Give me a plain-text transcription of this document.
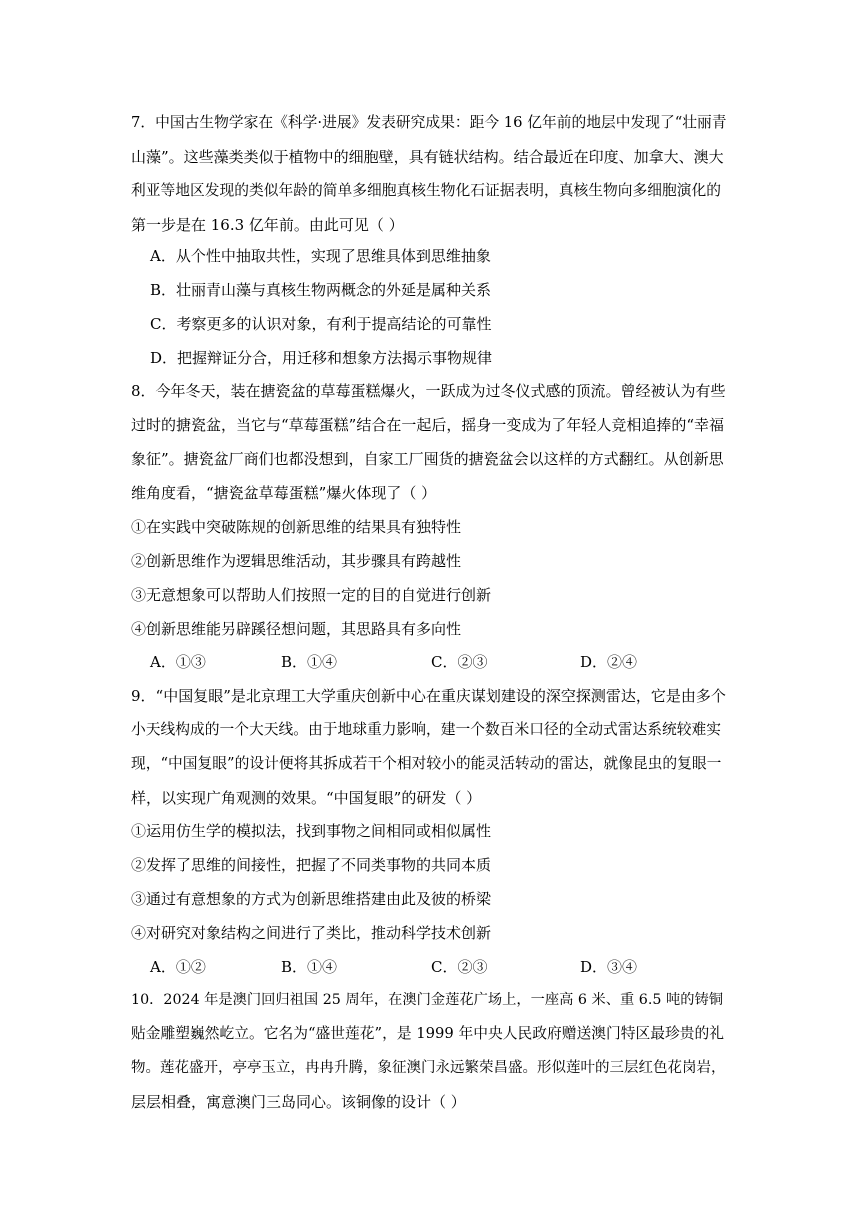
7．中国古生物学家在《科学·进展》发表研究成果：距今 16 亿年前的地层中发现了“壮丽青
山藻”。这些藻类类似于植物中的细胞壁，具有链状结构。结合最近在印度、加拿大、澳大
利亚等地区发现的类似年龄的简单多细胞真核生物化石证据表明，真核生物向多细胞演化的
第一步是在 16.3 亿年前。由此可见（ ）
A．从个性中抽取共性，实现了思维具体到思维抽象
B．壮丽青山藻与真核生物两概念的外延是属种关系
C．考察更多的认识对象，有利于提高结论的可靠性
D．把握辩证分合，用迁移和想象方法揭示事物规律
8．今年冬天，装在搪瓷盆的草莓蛋糕爆火，一跃成为过冬仪式感的顶流。曾经被认为有些
过时的搪瓷盆，当它与“草莓蛋糕”结合在一起后，摇身一变成为了年轻人竞相追捧的“幸福
象征”。搪瓷盆厂商们也都没想到，自家工厂囤货的搪瓷盆会以这样的方式翻红。从创新思
维角度看，“搪瓷盆草莓蛋糕”爆火体现了（ ）
①在实践中突破陈规的创新思维的结果具有独特性
②创新思维作为逻辑思维活动，其步骤具有跨越性
③无意想象可以帮助人们按照一定的目的自觉进行创新
④创新思维能另辟蹊径想问题，其思路具有多向性
A．①③	B．①④	C．②③	D．②④
9．“中国复眼”是北京理工大学重庆创新中心在重庆谋划建设的深空探测雷达，它是由多个
小天线构成的一个大天线。由于地球重力影响，建一个数百米口径的全动式雷达系统较难实
现，“中国复眼”的设计便将其拆成若干个相对较小的能灵活转动的雷达，就像昆虫的复眼一
样，以实现广角观测的效果。“中国复眼”的研发（ ）
①运用仿生学的模拟法，找到事物之间相同或相似属性
②发挥了思维的间接性，把握了不同类事物的共同本质
③通过有意想象的方式为创新思维搭建由此及彼的桥梁
④对研究对象结构之间进行了类比，推动科学技术创新
A．①②	B．①④	C．②③	D．③④
10．2024 年是澳门回归祖国 25 周年，在澳门金莲花广场上，一座高 6 米、重 6.5 吨的铸铜
贴金雕塑巍然屹立。它名为“盛世莲花”，是 1999 年中央人民政府赠送澳门特区最珍贵的礼
物。莲花盛开，亭亭玉立，冉冉升腾，象征澳门永远繁荣昌盛。形似莲叶的三层红色花岗岩，
层层相叠，寓意澳门三岛同心。该铜像的设计（ ）
